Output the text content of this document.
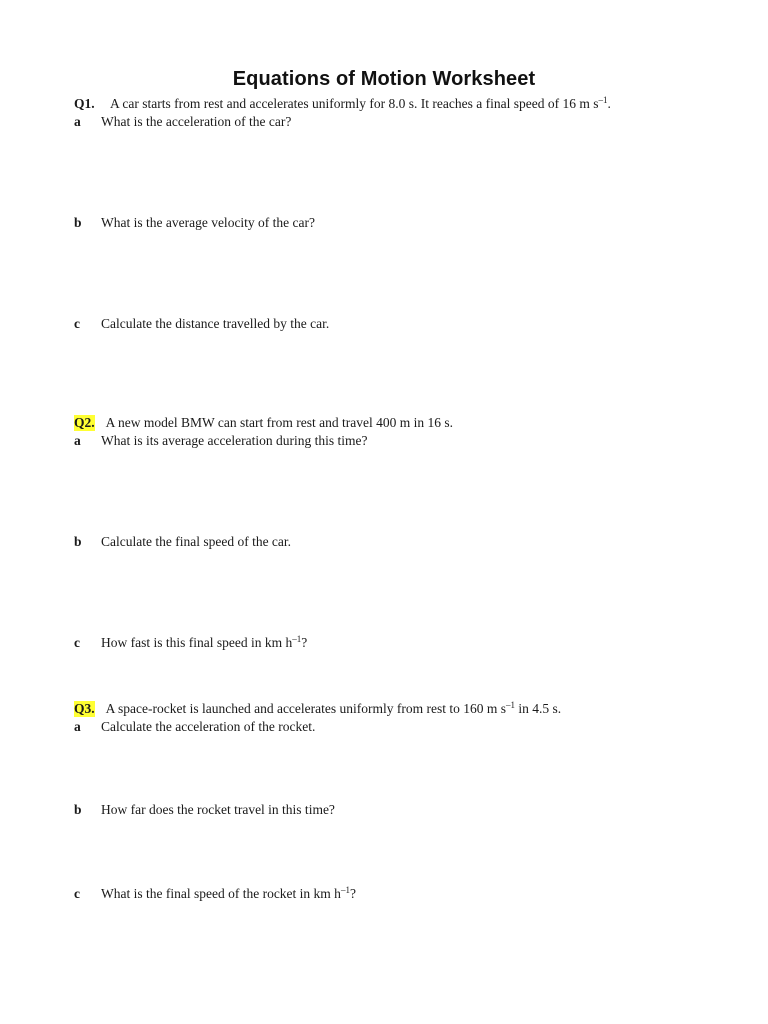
Equations of Motion Worksheet
Q1. A car starts from rest and accelerates uniformly for 8.0 s. It reaches a final speed of 16 m $s^{-1}$.
a What is the acceleration of the car?
b What is the average velocity of the car?
c Calculate the distance travelled by the car.
Q2. A new model BMW can start from rest and travel 400 m in 16 s.
a What is its average acceleration during this time?
b Calculate the final speed of the car.
c How fast is this final speed in km $h^{-1}$?
Q3. A space-rocket is launched and accelerates uniformly from rest to 160 m $s^{-1}$ in 4.5 s.
a Calculate the acceleration of the rocket.
b How far does the rocket travel in this time?
c What is the final speed of the rocket in km $h^{-1}$?
